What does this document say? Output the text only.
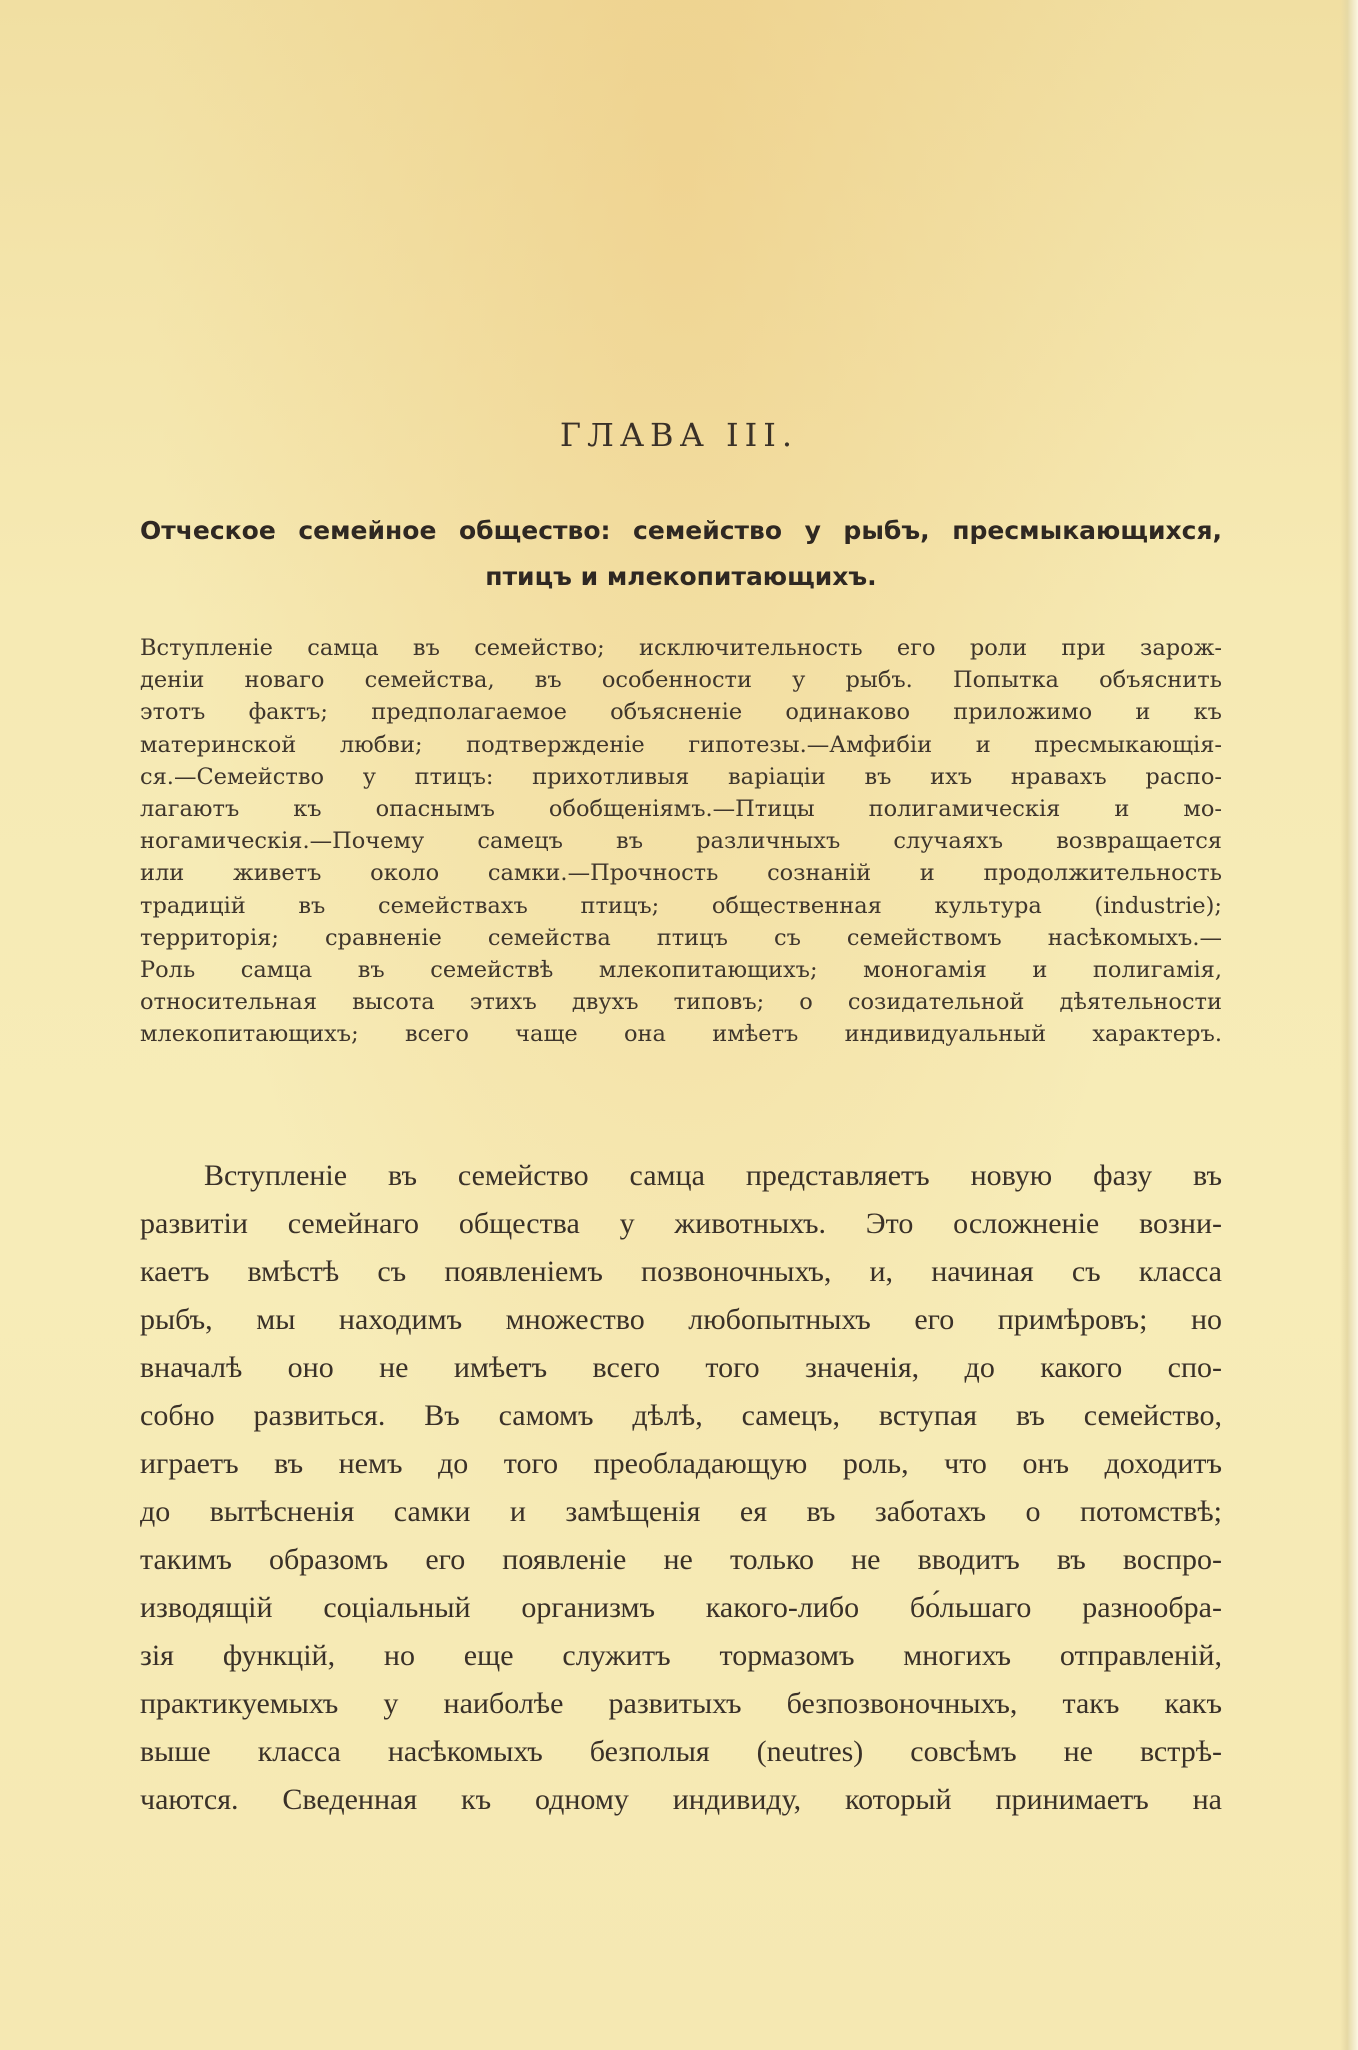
ГЛАВА III.
Отческое семейное общество: семейство у рыбъ, пресмыкающихся,
птицъ и млекопитающихъ.
Вступленіе самца въ семейство; исключительность его роли при зарож-
деніи новаго семейства, въ особенности у рыбъ. Попытка объяснить
этотъ фактъ; предполагаемое объясненіе одинаково приложимо и къ
материнской любви; подтвержденіе гипотезы.—Амфибіи и пресмыкающія-
ся.—Семейство у птицъ: прихотливыя варіаціи въ ихъ нравахъ распо-
лагаютъ къ опаснымъ обобщеніямъ.—Птицы полигамическія и мо-
ногамическія.—Почему самецъ въ различныхъ случаяхъ возвращается
или живетъ около самки.—Прочность сознаній и продолжительность
традицій въ семействахъ птицъ; общественная культура (industrie);
территорія; сравненіе семейства птицъ съ семействомъ насѣкомыхъ.—
Роль самца въ семействѣ млекопитающихъ; моногамія и полигамія,
относительная высота этихъ двухъ типовъ; о созидательной дѣятельности
млекопитающихъ; всего чаще она имѣетъ индивидуальный характеръ.
Вступленіе въ семейство самца представляетъ новую фазу въ
развитіи семейнаго общества у животныхъ. Это осложненіе возни-
каетъ вмѣстѣ съ появленіемъ позвоночныхъ, и, начиная съ класса
рыбъ, мы находимъ множество любопытныхъ его примѣровъ; но
вначалѣ оно не имѣетъ всего того значенія, до какого спо-
собно развиться. Въ самомъ дѣлѣ, самецъ, вступая въ семейство,
играетъ въ немъ до того преобладающую роль, что онъ доходитъ
до вытѣсненія самки и замѣщенія ея въ заботахъ о потомствѣ;
такимъ образомъ его появленіе не только не вводитъ въ воспро-
изводящій соціальный организмъ какого-либо бо́льшаго разнообра-
зія функцій, но еще служитъ тормазомъ многихъ отправленій,
практикуемыхъ у наиболѣе развитыхъ безпозвоночныхъ, такъ какъ
выше класса насѣкомыхъ безполыя (neutres) совсѣмъ не встрѣ-
чаются. Сведенная къ одному индивиду, который принимаетъ на
